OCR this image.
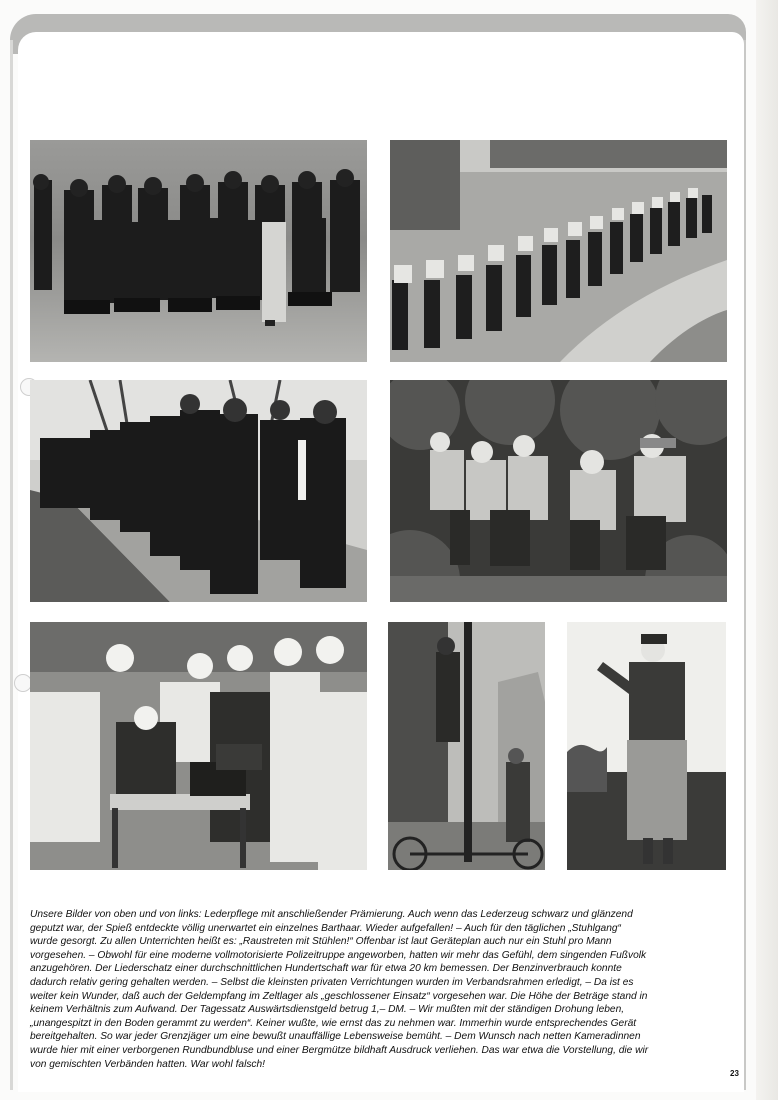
Unsere Bilder von oben und von links: Lederpflege mit anschließender Prämierung. Auch wenn das Lederzeug schwarz und glänzend
geputzt war, der Spieß entdeckte völlig unerwartet ein einzelnes Barthaar. Wieder aufgefallen! – Auch für den täglichen „Stuhlgang“
wurde gesorgt. Zu allen Unterrichten heißt es: „Raustreten mit Stühlen!“ Offenbar ist laut Geräteplan auch nur ein Stuhl pro Mann
vorgesehen. – Obwohl für eine moderne vollmotorisierte Polizeitruppe angeworben, hatten wir mehr das Gefühl, dem singenden Fußvolk
anzugehören. Der Liederschatz einer durchschnittlichen Hundertschaft war für etwa 20 km bemessen. Der Benzinverbrauch konnte
dadurch relativ gering gehalten werden. – Selbst die kleinsten privaten Verrichtungen wurden im Verbandsrahmen erledigt, – Da ist es
weiter kein Wunder, daß auch der Geldempfang im Zeltlager als „geschlossener Einsatz“ vorgesehen war. Die Höhe der Beträge stand in
keinem Verhältnis zum Aufwand. Der Tagessatz Auswärtsdienstgeld betrug 1,– DM. – Wir mußten mit der ständigen Drohung leben,
„unangespitzt in den Boden gerammt zu werden“. Keiner wußte, wie ernst das zu nehmen war. Immerhin wurde entsprechendes Gerät
bereitgehalten. So war jeder Grenzjäger um eine bewußt unauffällige Lebensweise bemüht. – Dem Wunsch nach netten Kameradinnen
wurde hier mit einer verborgenen Rundbundbluse und einer Bergmütze bildhaft Ausdruck verliehen. Das war etwa die Vorstellung, die wir
von gemischten Verbänden hatten. War wohl falsch!
23
